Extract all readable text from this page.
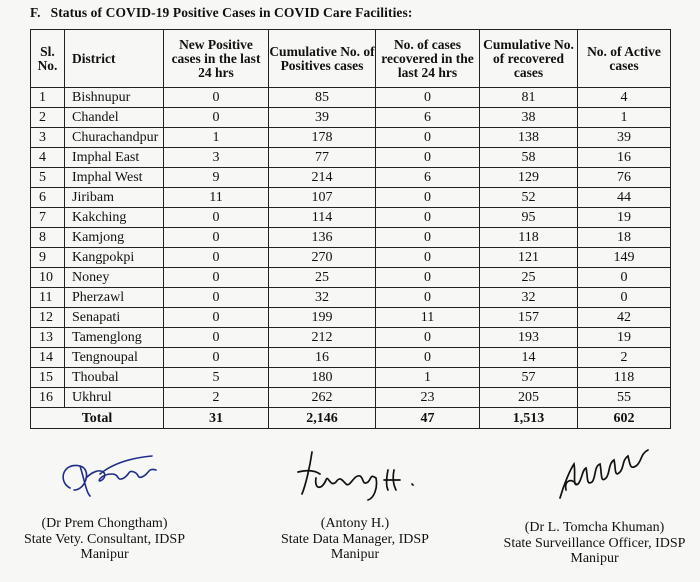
F. Status of COVID-19 Positive Cases in COVID Care Facilities:
Sl.
No.	District	New Positive cases in the last 24 hrs	Cumulative No. of Positives cases	No. of cases recovered in the last 24 hrs	Cumulative No. of recovered cases	No. of Active cases
1	Bishnupur	0	85	0	81	4
2	Chandel	0	39	6	38	1
3	Churachandpur	1	178	0	138	39
4	Imphal East	3	77	0	58	16
5	Imphal West	9	214	6	129	76
6	Jiribam	11	107	0	52	44
7	Kakching	0	114	0	95	19
8	Kamjong	0	136	0	118	18
9	Kangpokpi	0	270	0	121	149
10	Noney	0	25	0	25	0
11	Pherzawl	0	32	0	32	0
12	Senapati	0	199	11	157	42
13	Tamenglong	0	212	0	193	19
14	Tengnoupal	0	16	0	14	2
15	Thoubal	5	180	1	57	118
16	Ukhrul	2	262	23	205	55
Total		31	2,146	47	1,513	602
(Dr Prem Chongtham)
State Vety. Consultant, IDSP
Manipur
(Antony H.)
State Data Manager, IDSP
Manipur
(Dr L. Tomcha Khuman)
State Surveillance Officer, IDSP
Manipur
